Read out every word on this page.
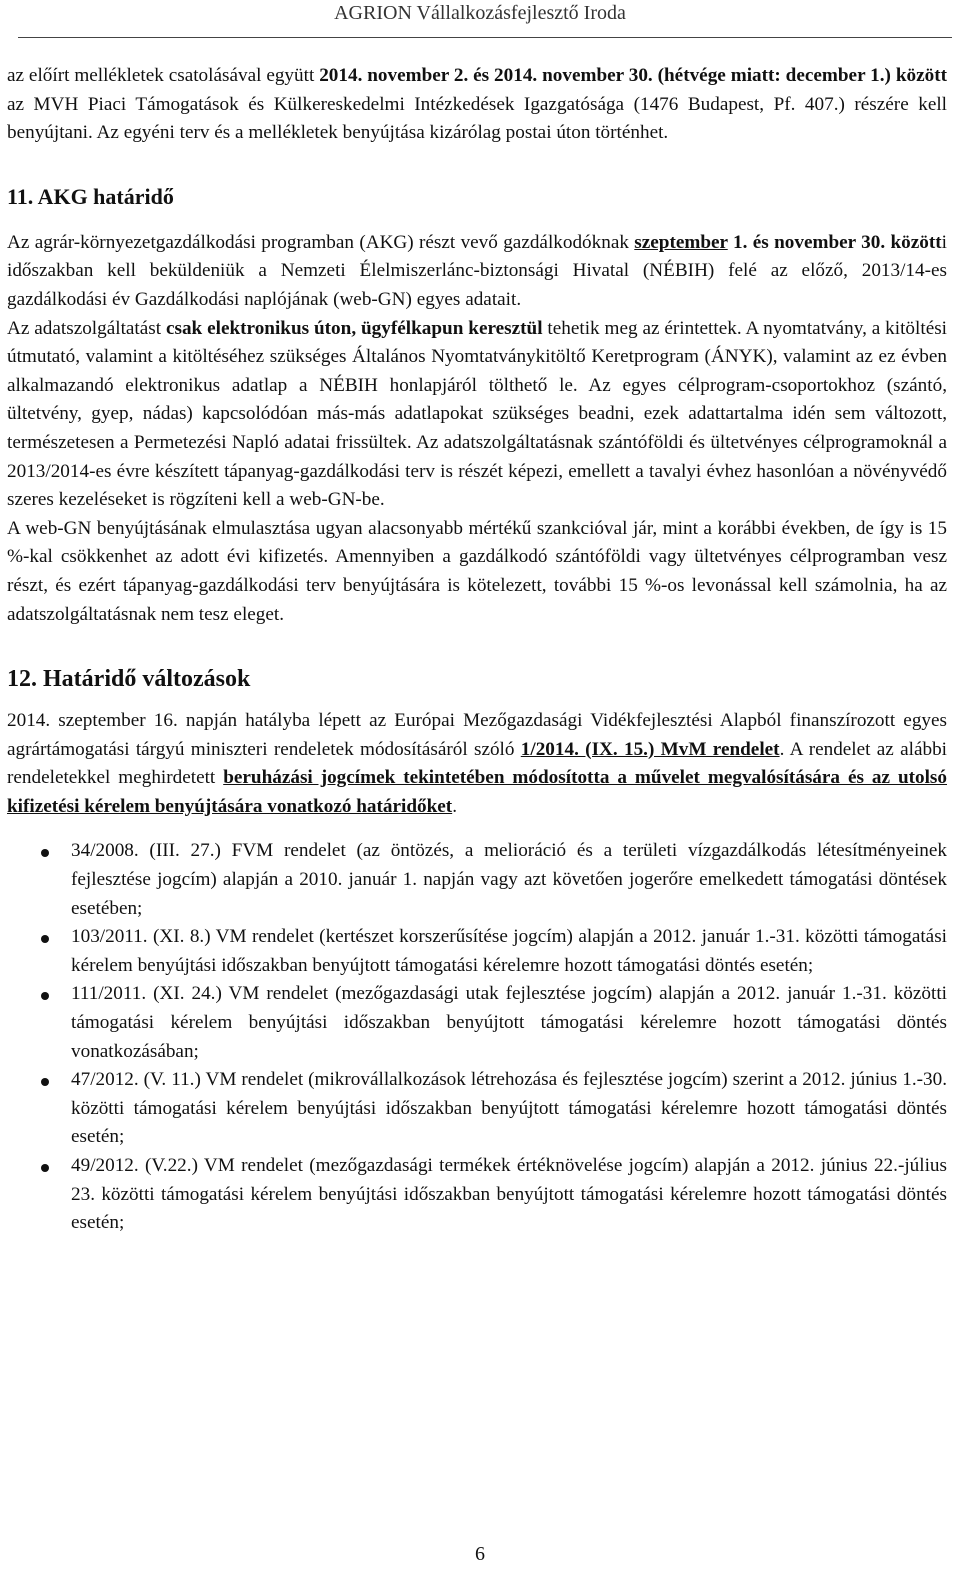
AGRION Vállalkozásfejlesztő Iroda

az előírt mellékletek csatolásával együtt 2014. november 2. és 2014. november 30. (hétvége miatt: december 1.) között az MVH Piaci Támogatások és Külkereskedelmi Intézkedések Igazgatósága (1476 Budapest, Pf. 407.) részére kell benyújtani. Az egyéni terv és a mellékletek benyújtása kizárólag postai úton történhet.

11. AKG határidő

Az agrár-környezetgazdálkodási programban (AKG) részt vevő gazdálkodóknak szeptember 1. és november 30. közötti időszakban kell beküldeniük a Nemzeti Élelmiszerlánc-biztonsági Hivatal (NÉBIH) felé az előző, 2013/14-es gazdálkodási év Gazdálkodási naplójának (web-GN) egyes adatait.

Az adatszolgáltatást csak elektronikus úton, ügyfélkapun keresztül tehetik meg az érintettek. A nyomtatvány, a kitöltési útmutató, valamint a kitöltéséhez szükséges Általános Nyomtatványkitöltő Keretprogram (ÁNYK), valamint az ez évben alkalmazandó elektronikus adatlap a NÉBIH honlapjáról tölthető le. Az egyes célprogram-csoportokhoz (szántó, ültetvény, gyep, nádas) kapcsolódóan más-más adatlapokat szükséges beadni, ezek adattartalma idén sem változott, természetesen a Permetezési Napló adatai frissültek. Az adatszolgáltatásnak szántóföldi és ültetvényes célprogramoknál a 2013/2014-es évre készített tápanyag-gazdálkodási terv is részét képezi, emellett a tavalyi évhez hasonlóan a növényvédő szeres kezeléseket is rögzíteni kell a web-GN-be.

A web-GN benyújtásának elmulasztása ugyan alacsonyabb mértékű szankcióval jár, mint a korábbi években, de így is 15 %-kal csökkenhet az adott évi kifizetés. Amennyiben a gazdálkodó szántóföldi vagy ültetvényes célprogramban vesz részt, és ezért tápanyag-gazdálkodási terv benyújtására is kötelezett, további 15 %-os levonással kell számolnia, ha az adatszolgáltatásnak nem tesz eleget.

12. Határidő változások

2014. szeptember 16. napján hatályba lépett az Európai Mezőgazdasági Vidékfejlesztési Alapból finanszírozott egyes agrártámogatási tárgyú miniszteri rendeletek módosításáról szóló 1/2014. (IX. 15.) MvM rendelet. A rendelet az alábbi rendeletekkel meghirdetett beruházási jogcímek tekintetében módosította a művelet megvalósítására és az utolsó kifizetési kérelem benyújtására vonatkozó határidőket.

34/2008. (III. 27.) FVM rendelet (az öntözés, a melioráció és a területi vízgazdálkodás létesítményeinek fejlesztése jogcím) alapján a 2010. január 1. napján vagy azt követően jogerőre emelkedett támogatási döntések esetében;
103/2011. (XI. 8.) VM rendelet (kertészet korszerűsítése jogcím) alapján a 2012. január 1.-31. közötti támogatási kérelem benyújtási időszakban benyújtott támogatási kérelemre hozott támogatási döntés esetén;
111/2011. (XI. 24.) VM rendelet (mezőgazdasági utak fejlesztése jogcím) alapján a 2012. január 1.-31. közötti támogatási kérelem benyújtási időszakban benyújtott támogatási kérelemre hozott támogatási döntés vonatkozásában;
47/2012. (V. 11.) VM rendelet (mikrovállalkozások létrehozása és fejlesztése jogcím) szerint a 2012. június 1.-30. közötti támogatási kérelem benyújtási időszakban benyújtott támogatási kérelemre hozott támogatási döntés esetén;
49/2012. (V.22.) VM rendelet (mezőgazdasági termékek értéknövelése jogcím) alapján a 2012. június 22.-július 23. közötti támogatási kérelem benyújtási időszakban benyújtott támogatási kérelemre hozott támogatási döntés esetén;
6
